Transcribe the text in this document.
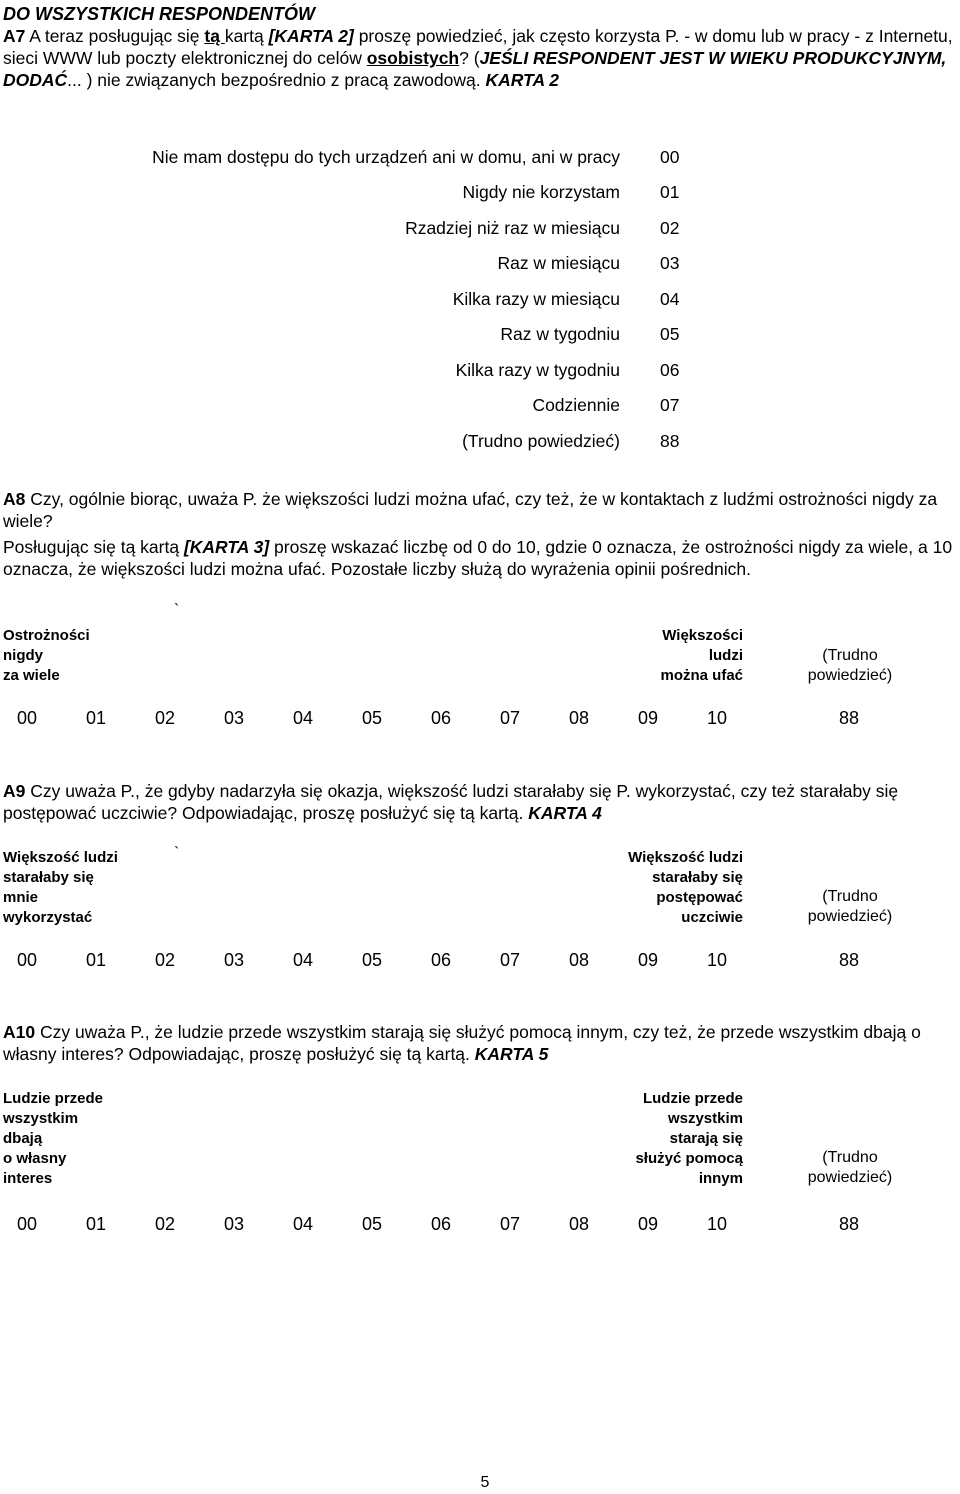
DO WSZYSTKICH RESPONDENTÓW
A7 A teraz posługując się tą kartą [KARTA 2] proszę powiedzieć, jak często korzysta P. - w domu lub w pracy - z Internetu, sieci WWW lub poczty elektronicznej do celów osobistych? (JEŚLI RESPONDENT JEST W WIEKU PRODUKCYJNYM, DODAĆ... ) nie związanych bezpośrednio z pracą zawodową. KARTA 2
Nie mam dostępu do tych urządzeń ani w domu, ani w pracy 00
Nigdy nie korzystam 01
Rzadziej niż raz w miesiącu 02
Raz w miesiącu 03
Kilka razy w miesiącu 04
Raz w tygodniu 05
Kilka razy w tygodniu 06
Codziennie 07
(Trudno powiedzieć) 88
A8 Czy, ogólnie biorąc, uważa P. że większości ludzi można ufać, czy też, że w kontaktach z ludźmi ostrożności nigdy za wiele?
Posługując się tą kartą [KARTA 3] proszę wskazać liczbę od 0 do 10, gdzie 0 oznacza, że ostrożności nigdy za wiele, a 10 oznacza, że większości ludzi można ufać. Pozostałe liczby służą do wyrażenia opinii pośrednich.
`
Ostrożności
nigdy
za wiele
Większości
ludzi
można ufać
(Trudno
powiedzieć)
00	01	02	03	04	05	06	07	08	09	10	88
A9 Czy uważa P., że gdyby nadarzyła się okazja, większość ludzi starałaby się P. wykorzystać, czy też starałaby się postępować uczciwie? Odpowiadając, proszę posłużyć się tą kartą. KARTA 4
`
Większość ludzi
starałaby się
mnie
wykorzystać
Większość ludzi
starałaby się
postępować
uczciwie
(Trudno
powiedzieć)
00	01	02	03	04	05	06	07	08	09	10	88
A10 Czy uważa P., że ludzie przede wszystkim starają się służyć pomocą innym, czy też, że przede wszystkim dbają o własny interes? Odpowiadając, proszę posłużyć się tą kartą. KARTA 5
Ludzie przede
wszystkim
dbają
o własny
interes
Ludzie przede
wszystkim
starają się
służyć pomocą
innym
(Trudno
powiedzieć)
00	01	02	03	04	05	06	07	08	09	10	88
5
